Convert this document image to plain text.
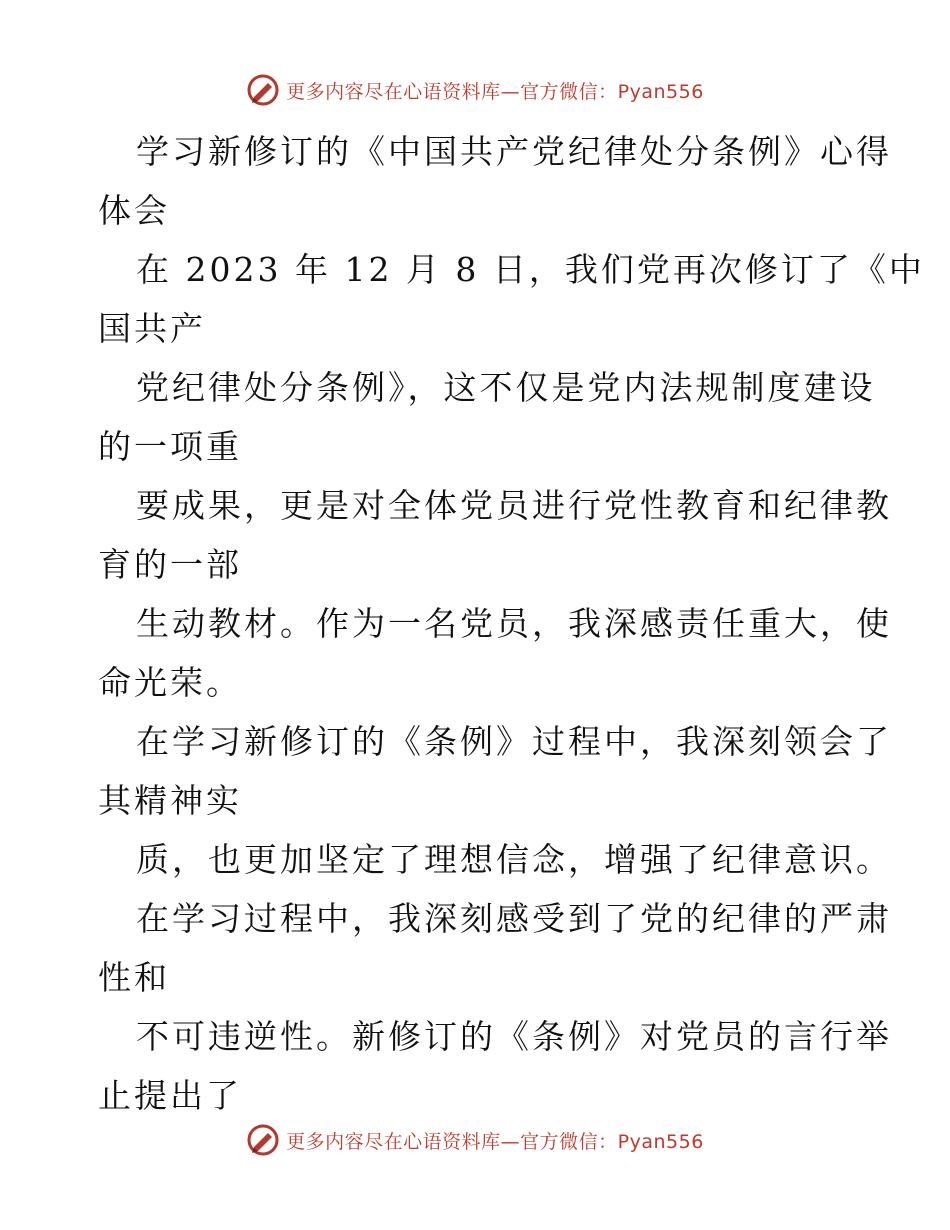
更多内容尽在心语资料库—官方微信：Pyan556
学习新修订的《中国共产党纪律处分条例》心得
体会
在 2023 年 12 月 8 日，我们党再次修订了《中
国共产
党纪律处分条例》，这不仅是党内法规制度建设
的一项重
要成果，更是对全体党员进行党性教育和纪律教
育的一部
生动教材。作为一名党员，我深感责任重大，使
命光荣。
在学习新修订的《条例》过程中，我深刻领会了
其精神实
质，也更加坚定了理想信念，增强了纪律意识。
在学习过程中，我深刻感受到了党的纪律的严肃
性和
不可违逆性。新修订的《条例》对党员的言行举
止提出了
更多内容尽在心语资料库—官方微信：Pyan556
